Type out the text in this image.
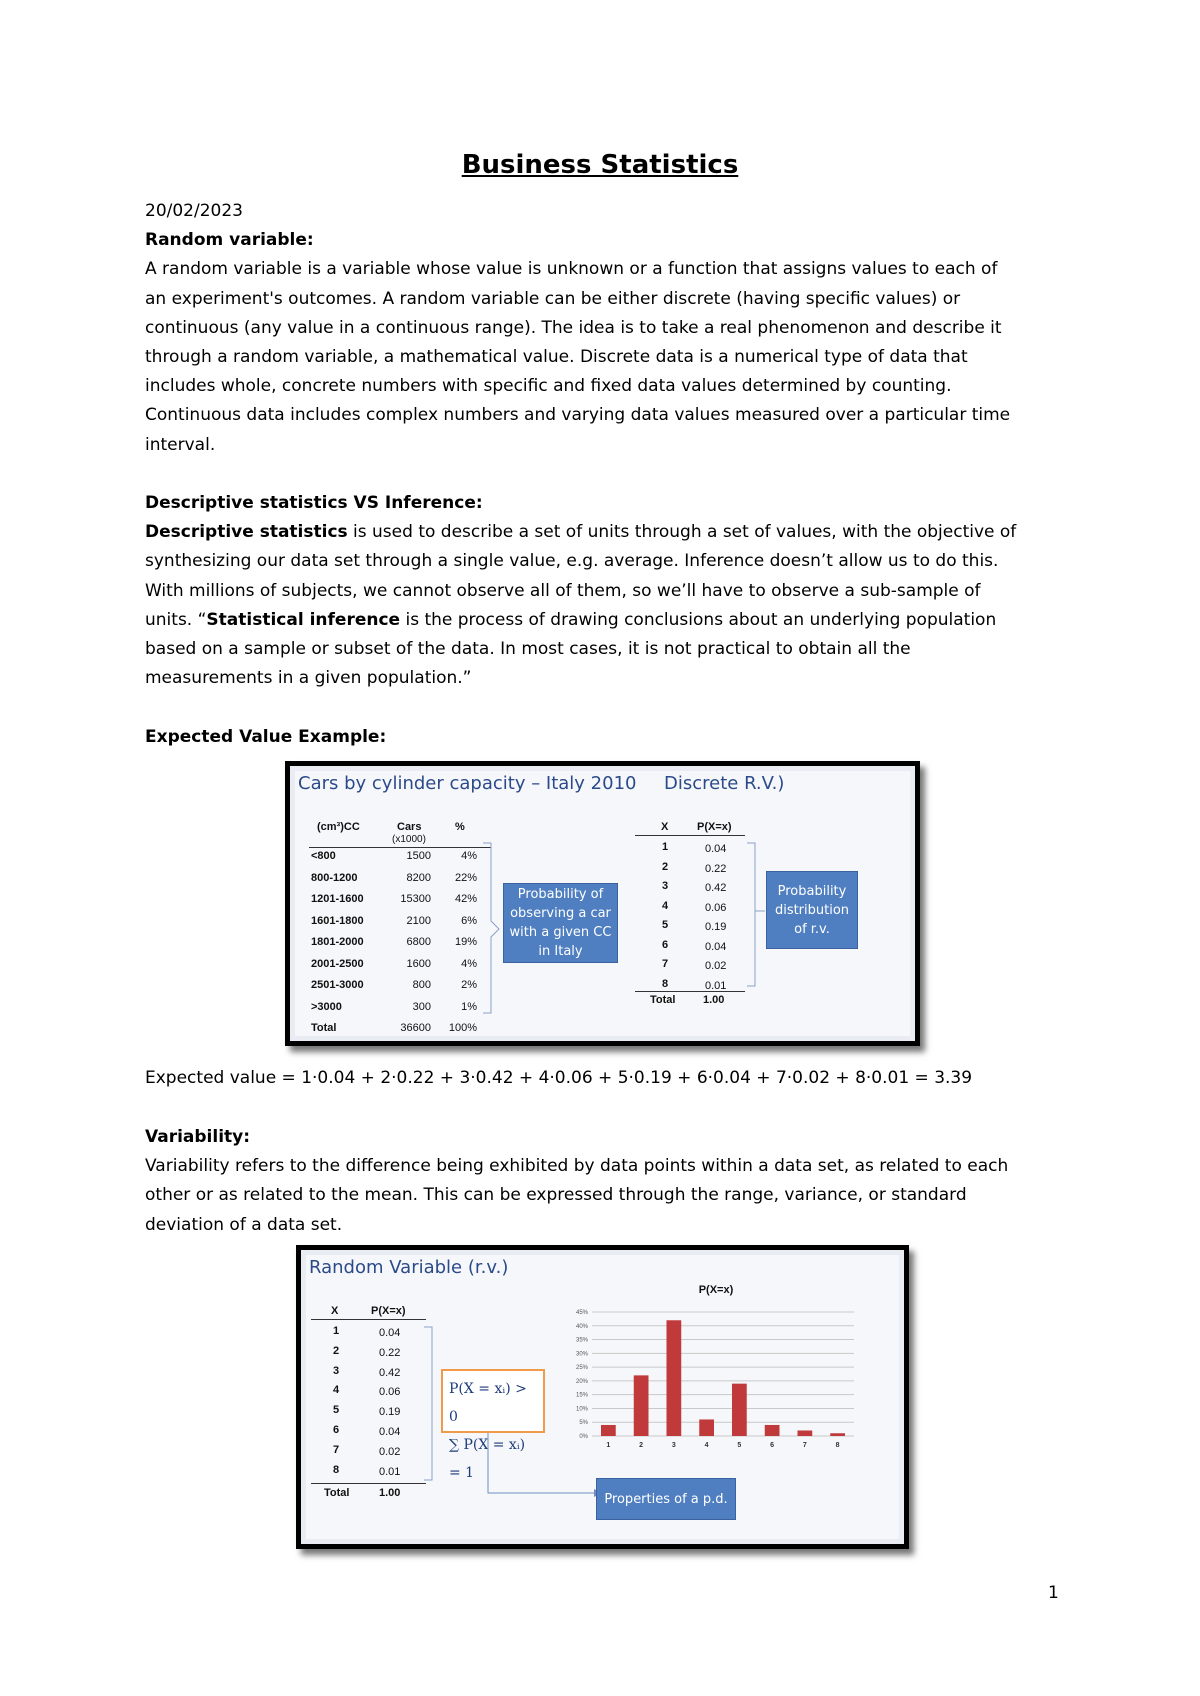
Business Statistics
20/02/2023
Random variable:
A random variable is a variable whose value is unknown or a function that assigns values to each of
an experiment's outcomes. A random variable can be either discrete (having specific values) or
continuous (any value in a continuous range). The idea is to take a real phenomenon and describe it
through a random variable, a mathematical value. Discrete data is a numerical type of data that
includes whole, concrete numbers with specific and fixed data values determined by counting.
Continuous data includes complex numbers and varying data values measured over a particular time
interval.
Descriptive statistics VS Inference:
Descriptive statistics is used to describe a set of units through a set of values, with the objective of
synthesizing our data set through a single value, e.g. average. Inference doesn’t allow us to do this.
With millions of subjects, we cannot observe all of them, so we’ll have to observe a sub-sample of
units. “Statistical inference is the process of drawing conclusions about an underlying population
based on a sample or subset of the data. In most cases, it is not practical to obtain all the
measurements in a given population.”
Expected Value Example:
Cars by cylinder capacity – Italy 2010 Discrete R.V.)
(cm³)CC	Cars
(x1000)
%
<800	1500	4%
800-1200	8200	22%
1201-1600	15300	42%
1601-1800	2100	6%
1801-2000	6800	19%
2001-2500	1600	4%
2501-3000	800	2%
>3000	300	1%
Total	36600	100%
Probability of observing a car with a given CC in Italy
X	P(X=x)
1	0.04
2	0.22
3	0.42
4	0.06
5	0.19
6	0.04
7	0.02
8	0.01
Total	1.00
Probability distribution of r.v.
Expected value = 1·0.04 + 2·0.22 + 3·0.42 + 4·0.06 + 5·0.19 + 6·0.04 + 7·0.02 + 8·0.01 = 3.39
Variability:
Variability refers to the difference being exhibited by data points within a data set, as related to each
other or as related to the mean. This can be expressed through the range, variance, or standard
deviation of a data set.
Random Variable (r.v.)
X	P(X=x)
1	0.04
2	0.22
3	0.42
4	0.06
5	0.19
6	0.04
7	0.02
8	0.01
Total	1.00
P(X = xᵢ) > 0
∑ P(X = xᵢ) = 1
Properties of a p.d.
P(X=x)
0%
5%
10%
15%
20%
25%
30%
35%
40%
45%
1	2	3	4	5	6	7	8
1
